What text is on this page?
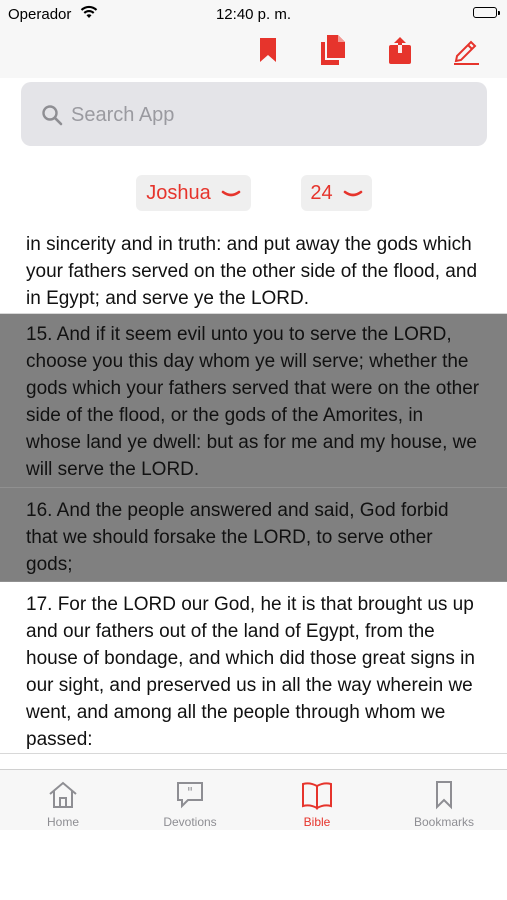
Operador	12:40 p. m.
Search App
Joshua	24
in sincerity and in truth: and put away the gods which your fathers served on the other side of the flood, and in Egypt; and serve ye the LORD.
15. And if it seem evil unto you to serve the LORD, choose you this day whom ye will serve; whether the gods which your fathers served that were on the other side of the flood, or the gods of the Amorites, in whose land ye dwell: but as for me and my house, we will serve the LORD.
16. And the people answered and said, God forbid that we should forsake the LORD, to serve other gods;
17. For the LORD our God, he it is that brought us up and our fathers out of the land of Egypt, from the house of bondage, and which did those great signs in our sight, and preserved us in all the way wherein we went, and among all the people through whom we passed:
Home
"
Devotions	Bible	Bookmarks
